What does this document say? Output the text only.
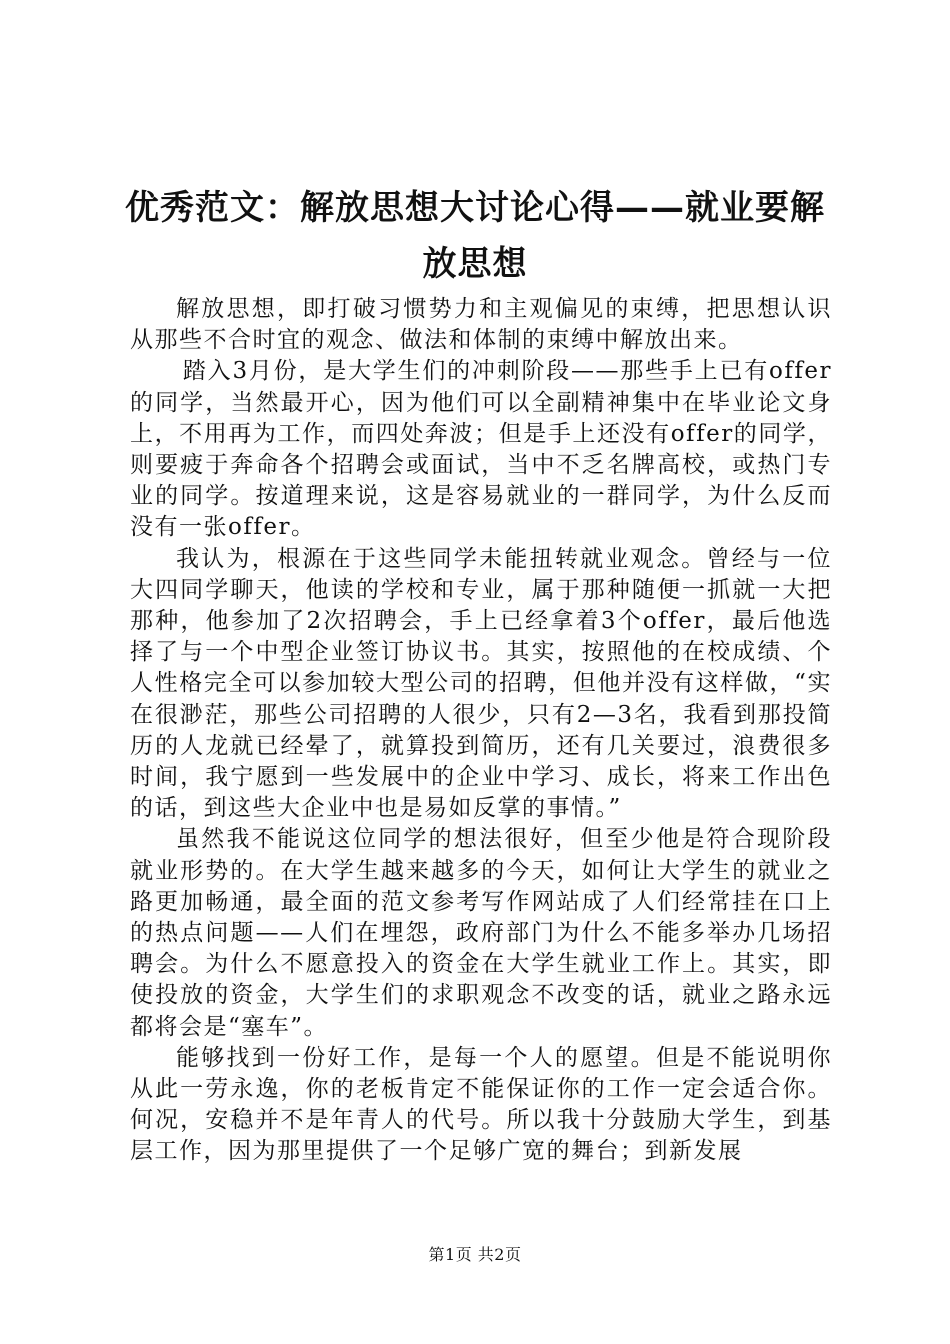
优秀范文：解放思想大讨论心得——就业要解放思想

解放思想，即打破习惯势力和主观偏见的束缚，把思想认识从那些不合时宜的观念、做法和体制的束缚中解放出来。

踏入3月份，是大学生们的冲刺阶段——那些手上已有offer的同学，当然最开心，因为他们可以全副精神集中在毕业论文身上，不用再为工作，而四处奔波；但是手上还没有offer的同学，则要疲于奔命各个招聘会或面试，当中不乏名牌高校，或热门专业的同学。按道理来说，这是容易就业的一群同学，为什么反而没有一张offer。

我认为，根源在于这些同学未能扭转就业观念。曾经与一位大四同学聊天，他读的学校和专业，属于那种随便一抓就一大把那种，他参加了2次招聘会，手上已经拿着3个offer，最后他选择了与一个中型企业签订协议书。其实，按照他的在校成绩、个人性格完全可以参加较大型公司的招聘，但他并没有这样做，“实在很渺茫，那些公司招聘的人很少，只有2—3名，我看到那投简历的人龙就已经晕了，就算投到简历，还有几关要过，浪费很多时间，我宁愿到一些发展中的企业中学习、成长，将来工作出色的话，到这些大企业中也是易如反掌的事情。”

虽然我不能说这位同学的想法很好，但至少他是符合现阶段就业形势的。在大学生越来越多的今天，如何让大学生的就业之路更加畅通，最全面的范文参考写作网站成了人们经常挂在口上的热点问题——人们在埋怨，政府部门为什么不能多举办几场招聘会。为什么不愿意投入的资金在大学生就业工作上。其实，即使投放的资金，大学生们的求职观念不改变的话，就业之路永远都将会是“塞车”。

能够找到一份好工作，是每一个人的愿望。但是不能说明你从此一劳永逸，你的老板肯定不能保证你的工作一定会适合你。何况，安稳并不是年青人的代号。所以我十分鼓励大学生，到基层工作，因为那里提供了一个足够广宽的舞台；到新发展

第1页 共2页
